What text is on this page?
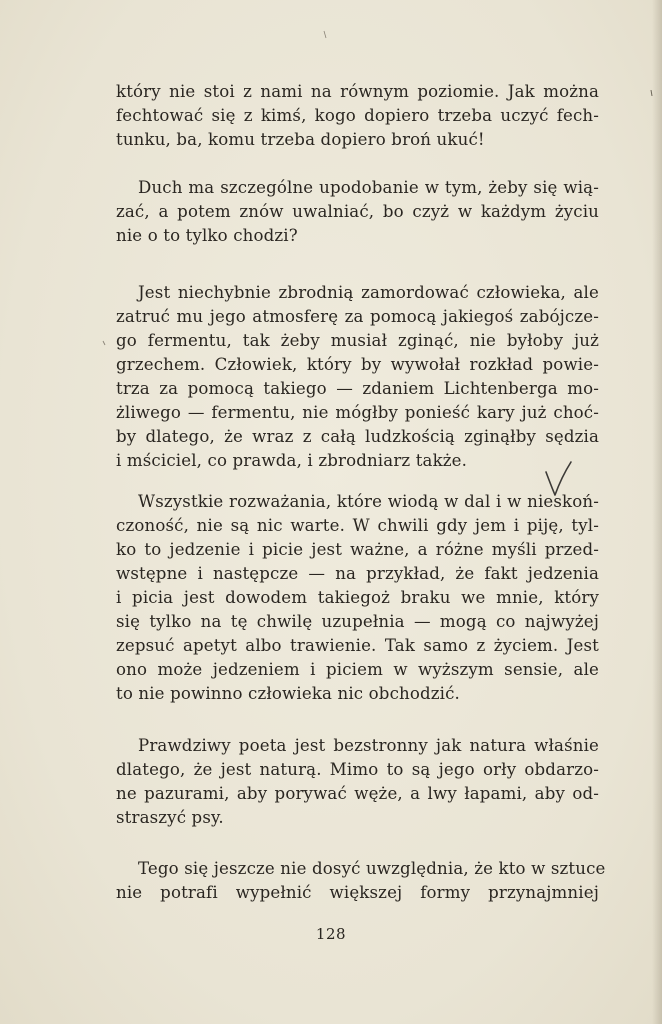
który nie stoi z nami na równym poziomie. Jak można
fechtować się z kimś, kogo dopiero trzeba uczyć fech-
tunku, ba, komu trzeba dopiero broń ukuć!
Duch ma szczególne upodobanie w tym, żeby się wią-
zać, a potem znów uwalniać, bo czyż w każdym życiu
nie o to tylko chodzi?
Jest niechybnie zbrodnią zamordować człowieka, ale
zatruć mu jego atmosferę za pomocą jakiegoś zabójcze-
go fermentu, tak żeby musiał zginąć, nie byłoby już
grzechem. Człowiek, który by wywołał rozkład powie-
trza za pomocą takiego — zdaniem Lichtenberga mo-
żliwego — fermentu, nie mógłby ponieść kary już choć-
by dlatego, że wraz z całą ludzkością zginąłby sędzia
i mściciel, co prawda, i zbrodniarz także.
Wszystkie rozważania, które wiodą w dal i w nieskoń-
czoność, nie są nic warte. W chwili gdy jem i piję, tyl-
ko to jedzenie i picie jest ważne, a różne myśli przed-
wstępne i następcze — na przykład, że fakt jedzenia
i picia jest dowodem takiegoż braku we mnie, który
się tylko na tę chwilę uzupełnia — mogą co najwyżej
zepsuć apetyt albo trawienie. Tak samo z życiem. Jest
ono może jedzeniem i piciem w wyższym sensie, ale
to nie powinno człowieka nic obchodzić.
Prawdziwy poeta jest bezstronny jak natura właśnie
dlatego, że jest naturą. Mimo to są jego orły obdarzo-
ne pazurami, aby porywać węże, a lwy łapami, aby od-
straszyć psy.
Tego się jeszcze nie dosyć uwzględnia, że kto w sztuce
nie potrafi wypełnić większej formy przynajmniej
128
